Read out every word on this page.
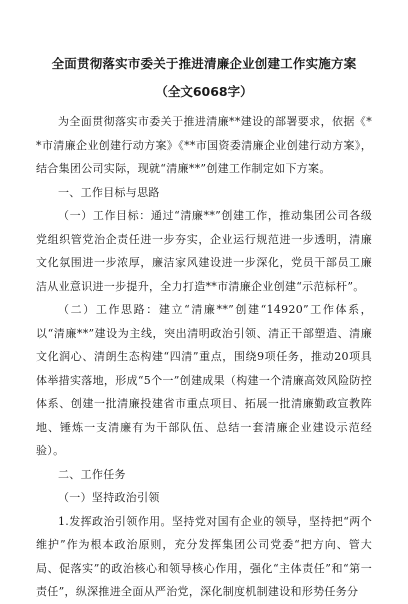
全面贯彻落实市委关于推进清廉企业创建工作实施方案
（全文6068字）

为全面贯彻落实市委关于推进清廉**建设的部署要求，依据《**市清廉企业创建行动方案》《**市国资委清廉企业创建行动方案》，结合集团公司实际，现就“清廉**”创建工作制定如下方案。

一、工作目标与思路

（一）工作目标：通过“清廉**”创建工作，推动集团公司各级党组织管党治企责任进一步夯实，企业运行规范进一步透明，清廉文化氛围进一步浓厚，廉洁家风建设进一步深化，党员干部员工廉洁从业意识进一步提升，全力打造**市清廉企业创建“示范标杆”。

（二）工作思路：建立“清廉**”创建“14920”工作体系，以“清廉**”建设为主线，突出清明政治引领、清正干部塑造、清廉文化润心、清朗生态构建“四清”重点，围绕9项任务，推动20项具体举措实落地，形成“5个一”创建成果（构建一个清廉高效风险防控体系、创建一批清廉投建省市重点项目、拓展一批清廉勤政宣教阵地、锤炼一支清廉有为干部队伍、总结一套清廉企业建设示范经验）。

二、工作任务

（一）坚持政治引领

1.发挥政治引领作用。坚持党对国有企业的领导，坚持把“两个维护”作为根本政治原则，充分发挥集团公司党委“把方向、管大局、促落实”的政治核心和领导核心作用，强化“主体责任”和“第一责任”，纵深推进全面从严治党，深化制度机制建设和形势任务分
